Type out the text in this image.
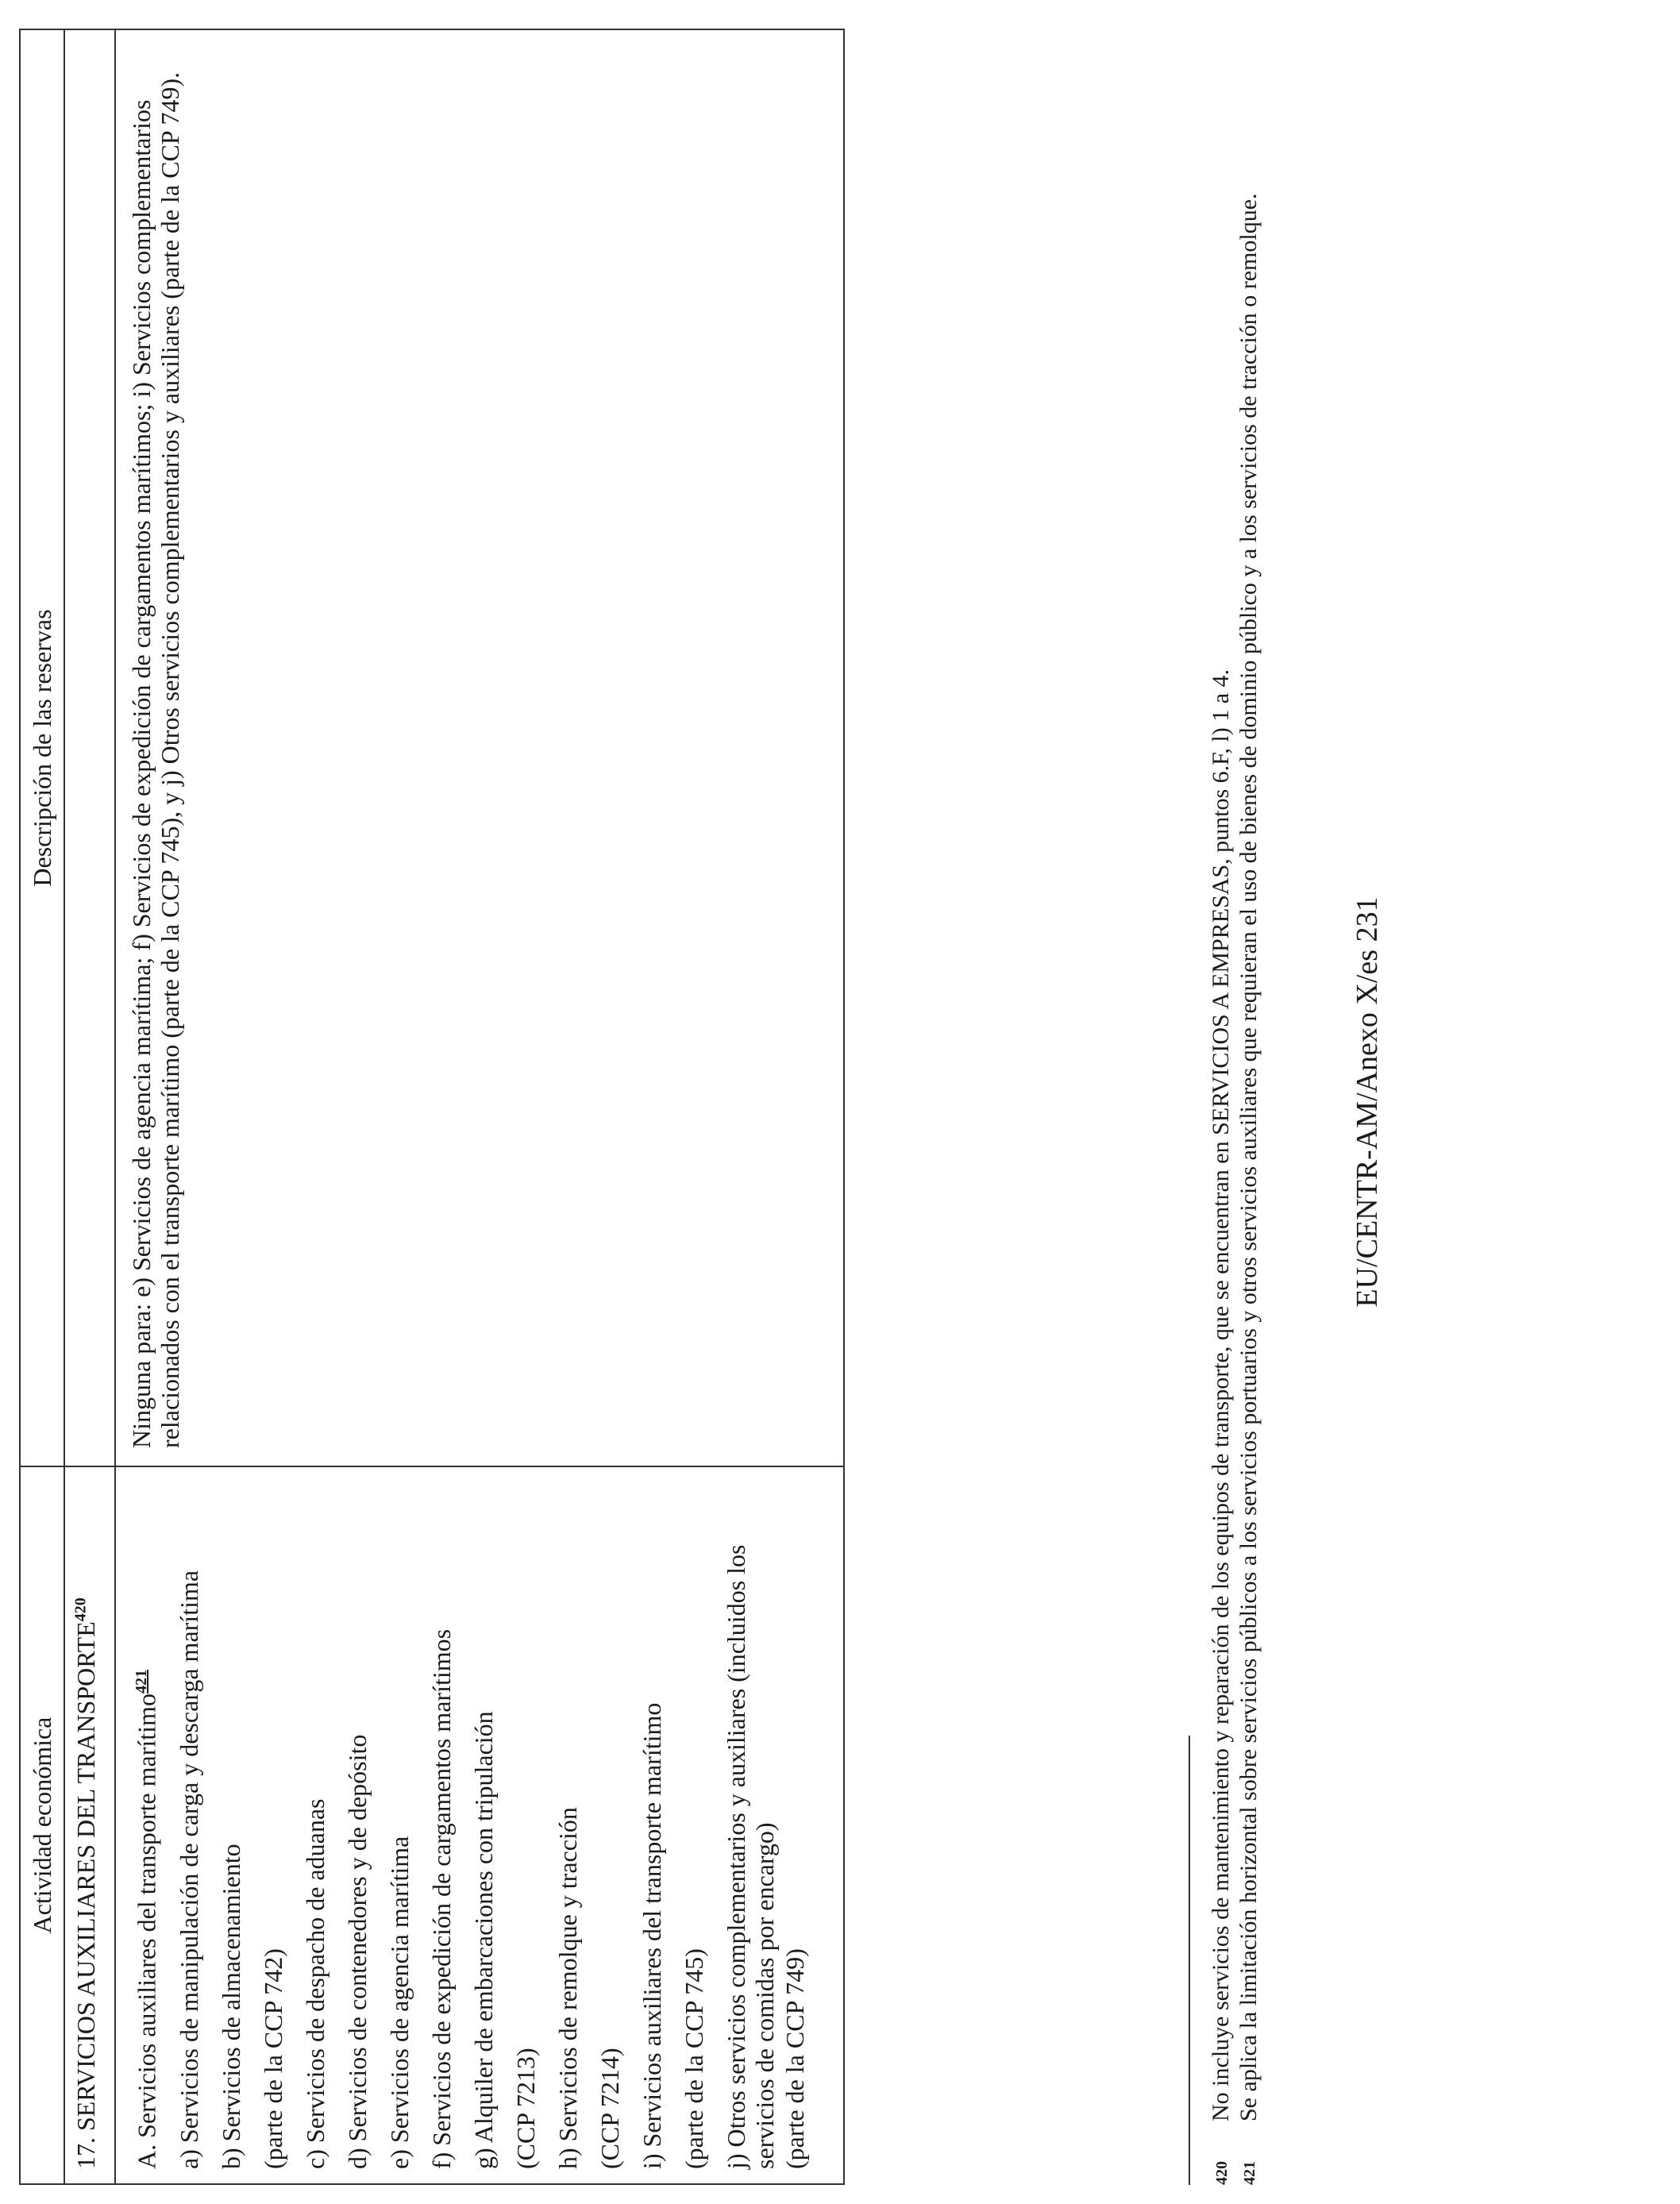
Actividad económica
Descripción de las reservas
17. SERVICIOS AUXILIARES DEL TRANSPORTE$^{420}$
A. Servicios auxiliares del transporte marítimo$^{421}$ a) Servicios de manipulación de carga y descarga marítima b) Servicios de almacenamiento (parte de la CCP 742) c) Servicios de despacho de aduanas d) Servicios de contenedores y de depósito e) Servicios de agencia marítima f) Servicios de expedición de cargamentos marítimos g) Alquiler de embarcaciones con tripulación (CCP 7213) h) Servicios de remolque y tracción (CCP 7214) i) Servicios auxiliares del transporte marítimo (parte de la CCP 745) j) Otros servicios complementarios y auxiliares (incluidos los servicios de comidas por encargo) (parte de la CCP 749)
Ninguna para: e) Servicios de agencia marítima; f) Servicios de expedición de cargamentos marítimos; i) Servicios complementarios relacionados con el transporte marítimo (parte de la CCP 745), y j) Otros servicios complementarios y auxiliares (parte de la CCP 749).
420
No incluye servicios de mantenimiento y reparación de los equipos de transporte, que se encuentran en SERVICIOS A EMPRESAS, puntos 6.F, l) 1 a 4.
421
Se aplica la limitación horizontal sobre servicios públicos a los servicios portuarios y otros servicios auxiliares que requieran el uso de bienes de dominio público y a los servicios de tracción o remolque.	EU/CENTR-AM/Anexo X/es 231
